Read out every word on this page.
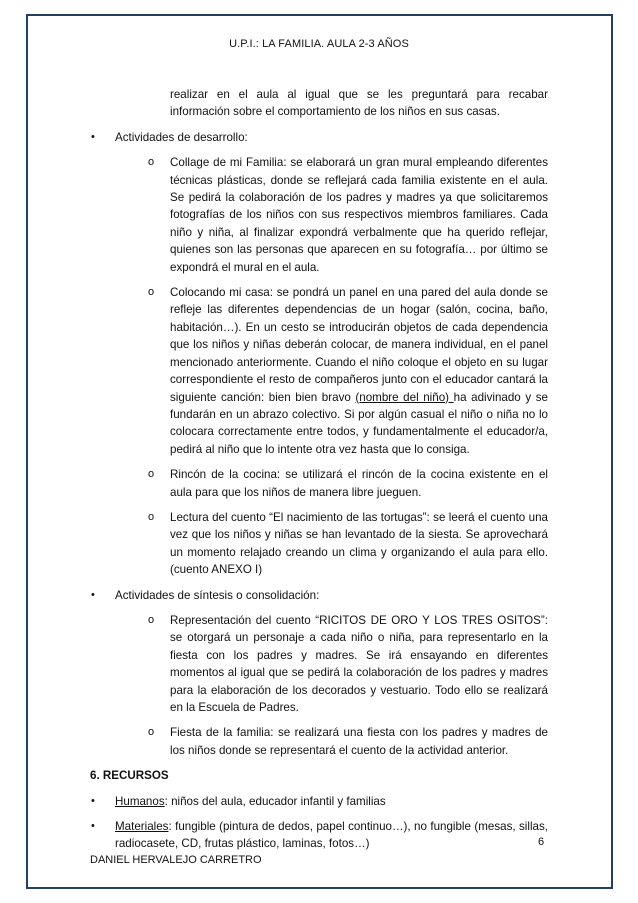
U.P.I.: LA FAMILIA. AULA 2-3 AÑOS

realizar en el aula al igual que se les preguntará para recabar información sobre el comportamiento de los niños en sus casas.

• Actividades de desarrollo:
o Collage de mi Familia: se elaborará un gran mural empleando diferentes técnicas plásticas, donde se reflejará cada familia existente en el aula. Se pedirá la colaboración de los padres y madres ya que solicitaremos fotografías de los niños con sus respectivos miembros familiares. Cada niño y niña, al finalizar expondrá verbalmente que ha querido reflejar, quienes son las personas que aparecen en su fotografía… por último se expondrá el mural en el aula.

o Colocando mi casa: se pondrá un panel en una pared del aula donde se refleje las diferentes dependencias de un hogar (salón, cocina, baño, habitación…). En un cesto se introducirán objetos de cada dependencia que los niños y niñas deberán colocar, de manera individual, en el panel mencionado anteriormente. Cuando el niño coloque el objeto en su lugar correspondiente el resto de compañeros junto con el educador cantará la siguiente canción: bien bien bravo (nombre del niño) ha adivinado y se fundarán en un abrazo colectivo. Si por algún casual el niño o niña no lo colocara correctamente entre todos, y fundamentalmente el educador/a, pedirá al niño que lo intente otra vez hasta que lo consiga.

o Rincón de la cocina: se utilizará el rincón de la cocina existente en el aula para que los niños de manera libre jueguen.

o Lectura del cuento “El nacimiento de las tortugas”: se leerá el cuento una vez que los niños y niñas se han levantado de la siesta. Se aprovechará un momento relajado creando un clima y organizando el aula para ello. (cuento ANEXO I)

• Actividades de síntesis o consolidación:
o Representación del cuento “RICITOS DE ORO Y LOS TRES OSITOS”: se otorgará un personaje a cada niño o niña, para representarlo en la fiesta con los padres y madres. Se irá ensayando en diferentes momentos al igual que se pedirá la colaboración de los padres y madres para la elaboración de los decorados y vestuario. Todo ello se realizará en la Escuela de Padres.

o Fiesta de la familia: se realizará una fiesta con los padres y madres de los niños donde se representará el cuento de la actividad anterior.

6. RECURSOS
• Humanos: niños del aula, educador infantil y familias

• Materiales: fungible (pintura de dedos, papel continuo…), no fungible (mesas, sillas, radiocasete, CD, frutas plástico, laminas, fotos…)	6
DANIEL HERVALEJO CARRETRO
